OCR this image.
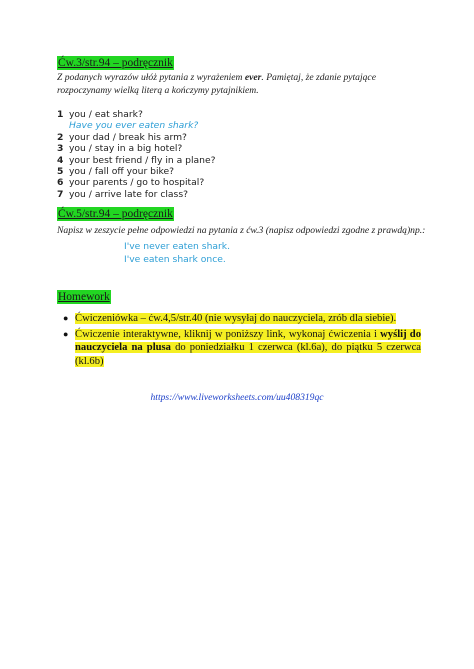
Ćw.3/str.94 – podręcznik
Z podanych wyrazów ułóż pytania z wyrażeniem ever. Pamiętaj, że zdanie pytające rozpoczynamy wielką literą a kończymy pytajnikiem.
1 you / eat shark?
Have you ever eaten shark?
2 your dad / break his arm?
3 you / stay in a big hotel?
4 your best friend / fly in a plane?
5 you / fall off your bike?
6 your parents / go to hospital?
7 you / arrive late for class?
Ćw.5/str.94 – podręcznik
Napisz w zeszycie pełne odpowiedzi na pytania z ćw.3 (napisz odpowiedzi zgodne z prawdą)np.:
I've never eaten shark.
I've eaten shark once.
Homework
● Ćwiczeniówka – ćw.4,5/str.40 (nie wysyłaj do nauczyciela, zrób dla siebie).
● Ćwiczenie interaktywne, kliknij w poniższy link, wykonaj ćwiczenia i wyślij do nauczyciela na plusa do poniedziałku 1 czerwca (kl.6a), do piątku 5 czerwca (kl.6b)
https://www.liveworksheets.com/uu408319qc
